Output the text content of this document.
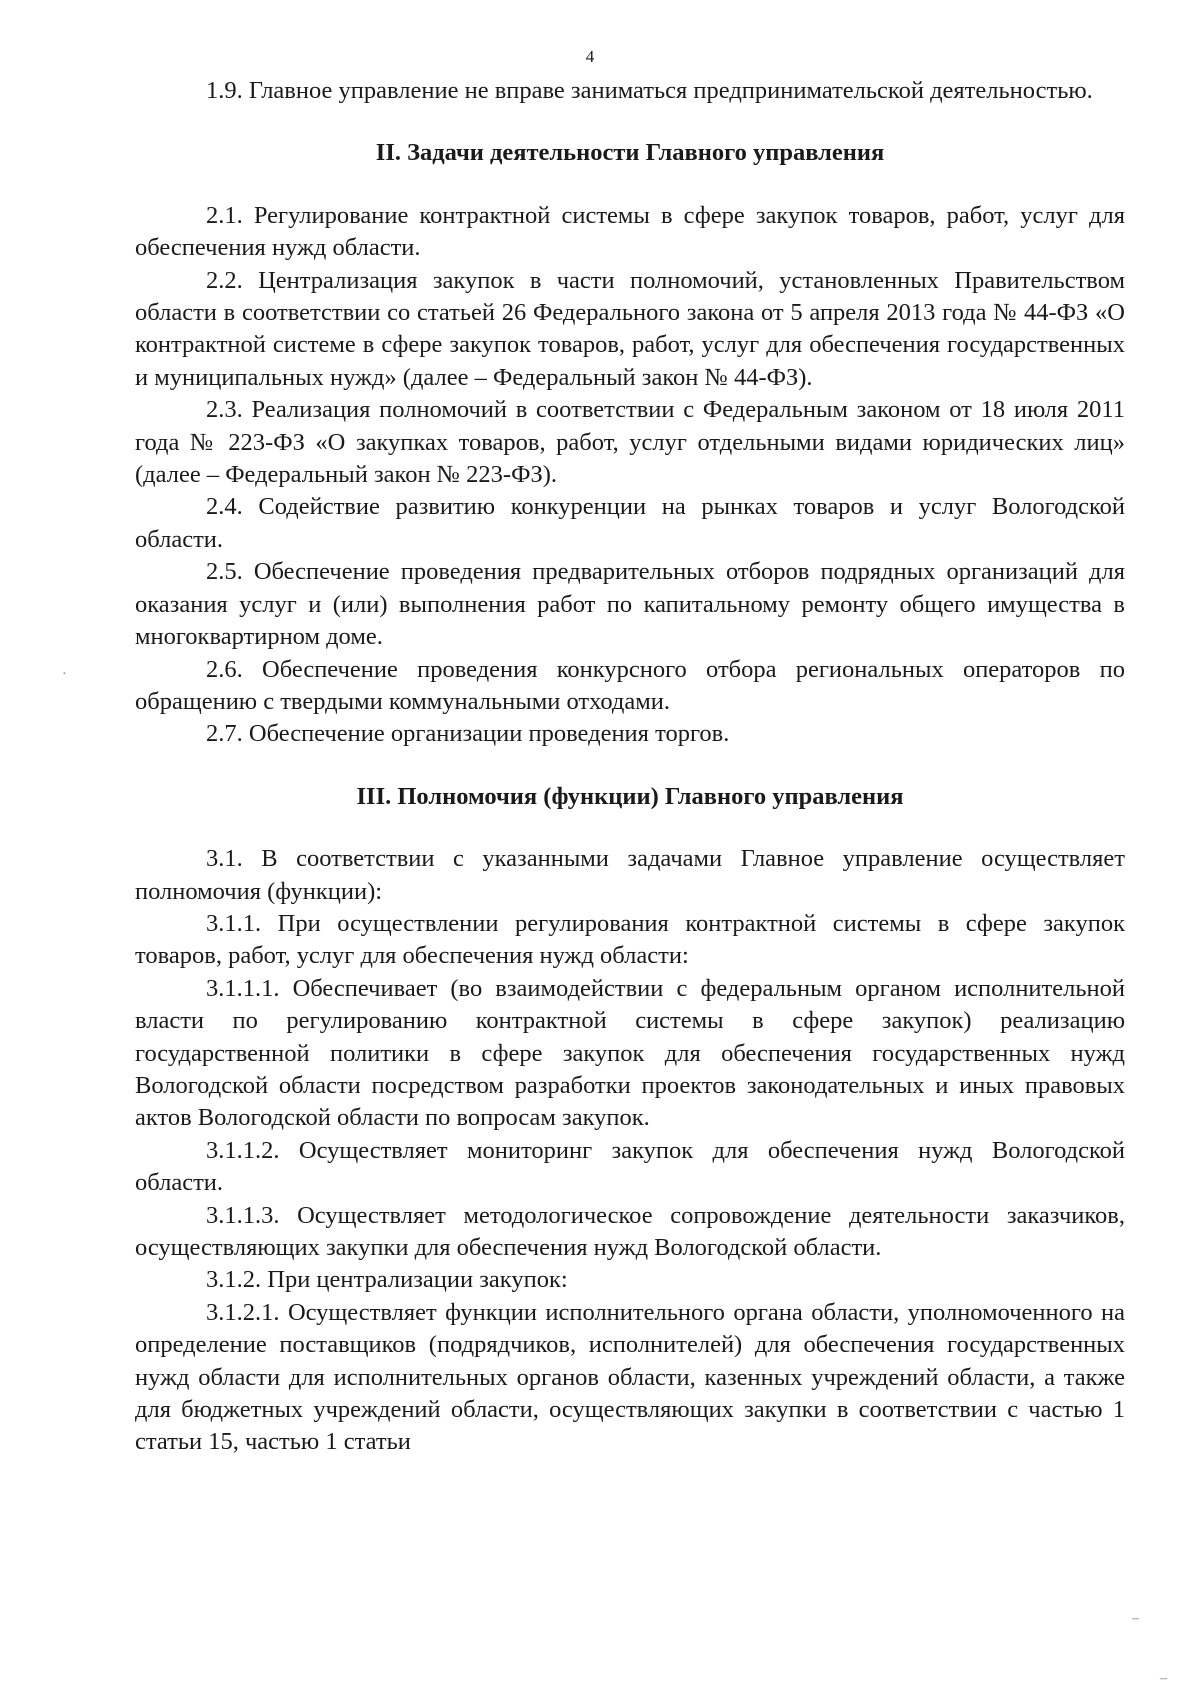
4

1.9. Главное управление не вправе заниматься предпринимательской деятельностью.

II. Задачи деятельности Главного управления

2.1. Регулирование контрактной системы в сфере закупок товаров, работ, услуг для обеспечения нужд области.

2.2. Централизация закупок в части полномочий, установленных Правительством области в соответствии со статьей 26 Федерального закона от 5 апреля 2013 года № 44-ФЗ «О контрактной системе в сфере закупок товаров, работ, услуг для обеспечения государственных и муниципальных нужд» (далее – Федеральный закон № 44-ФЗ).

2.3. Реализация полномочий в соответствии с Федеральным законом от 18 июля 2011 года № 223-ФЗ «О закупках товаров, работ, услуг отдельными видами юридических лиц» (далее – Федеральный закон № 223-ФЗ).

2.4. Содействие развитию конкуренции на рынках товаров и услуг Вологодской области.

2.5. Обеспечение проведения предварительных отборов подрядных организаций для оказания услуг и (или) выполнения работ по капитальному ремонту общего имущества в многоквартирном доме.

2.6. Обеспечение проведения конкурсного отбора региональных операторов по обращению с твердыми коммунальными отходами.

2.7. Обеспечение организации проведения торгов.

III. Полномочия (функции) Главного управления

3.1. В соответствии с указанными задачами Главное управление осуществляет полномочия (функции):

3.1.1. При осуществлении регулирования контрактной системы в сфере закупок товаров, работ, услуг для обеспечения нужд области:

3.1.1.1. Обеспечивает (во взаимодействии с федеральным органом исполнительной власти по регулированию контрактной системы в сфере закупок) реализацию государственной политики в сфере закупок для обеспечения государственных нужд Вологодской области посредством разработки проектов законодательных и иных правовых актов Вологодской области по вопросам закупок.

3.1.1.2. Осуществляет мониторинг закупок для обеспечения нужд Вологодской области.

3.1.1.3. Осуществляет методологическое сопровождение деятельности заказчиков, осуществляющих закупки для обеспечения нужд Вологодской области.

3.1.2. При централизации закупок:

3.1.2.1. Осуществляет функции исполнительного органа области, уполномоченного на определение поставщиков (подрядчиков, исполнителей) для обеспечения государственных нужд области для исполнительных органов области, казенных учреждений области, а также для бюджетных учреждений области, осуществляющих закупки в соответствии с частью 1 статьи 15, частью 1 статьи

·
–
–
